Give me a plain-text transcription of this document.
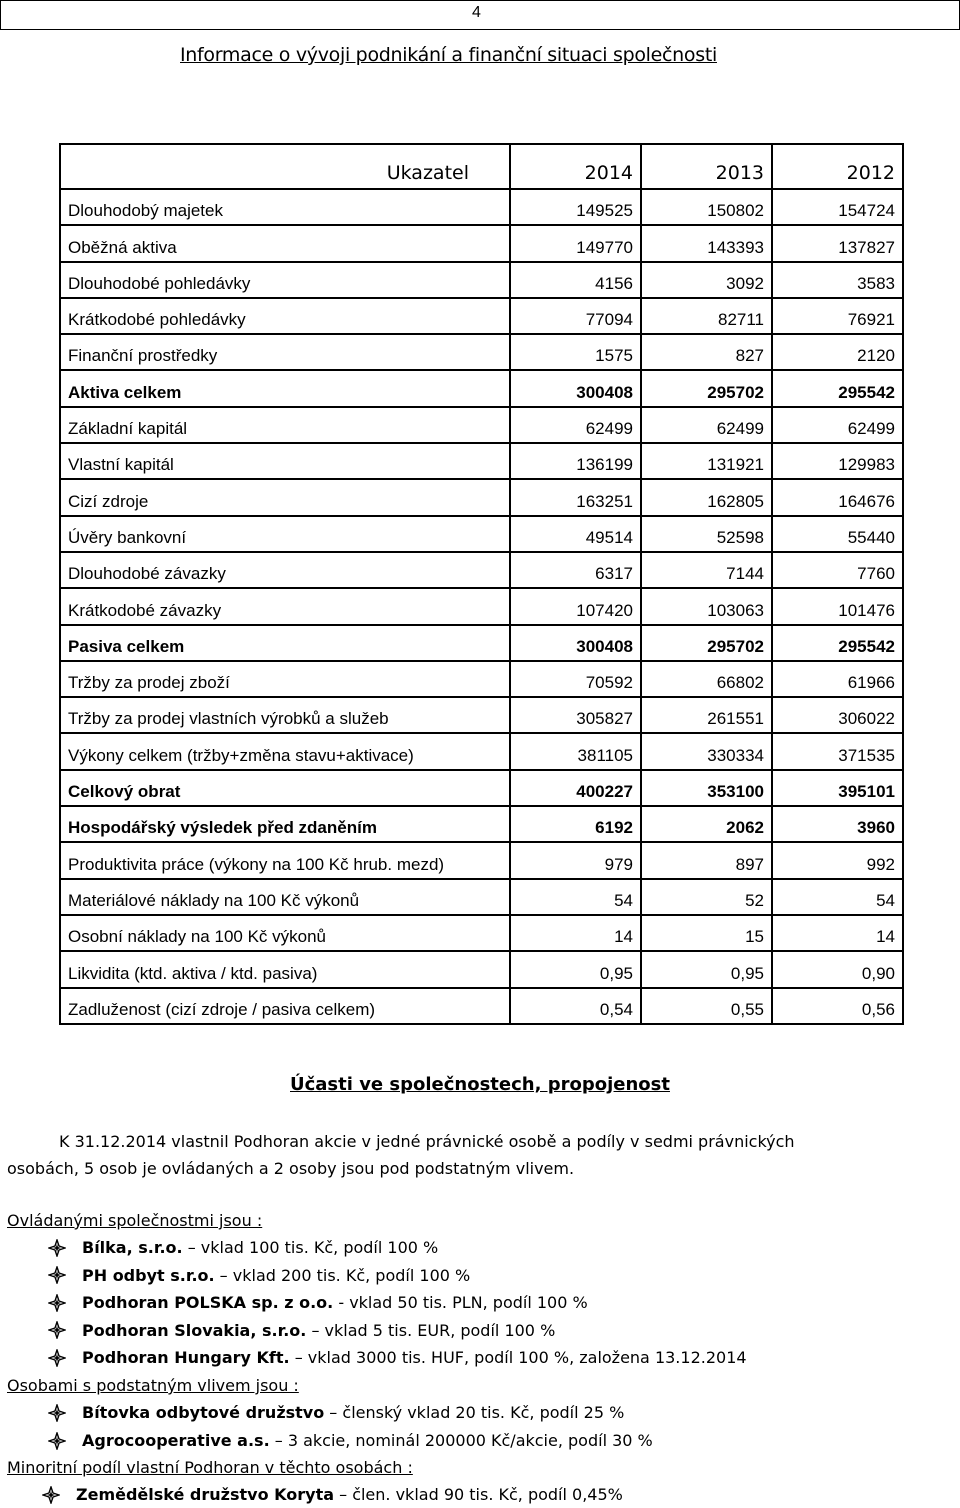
4
Informace o vývoji podnikání a finanční situaci společnosti
Ukazatel	2014	2013	2012
Dlouhodobý majetek	149525	150802	154724
Oběžná aktiva	149770	143393	137827
Dlouhodobé pohledávky	4156	3092	3583
Krátkodobé pohledávky	77094	82711	76921
Finanční prostředky	1575	827	2120
Aktiva celkem	300408	295702	295542
Základní kapitál	62499	62499	62499
Vlastní kapitál	136199	131921	129983
Cizí zdroje	163251	162805	164676
Úvěry bankovní	49514	52598	55440
Dlouhodobé závazky	6317	7144	7760
Krátkodobé závazky	107420	103063	101476
Pasiva celkem	300408	295702	295542
Tržby za prodej zboží	70592	66802	61966
Tržby za prodej vlastních výrobků a služeb	305827	261551	306022
Výkony celkem (tržby+změna stavu+aktivace)	381105	330334	371535
Celkový obrat	400227	353100	395101
Hospodářský výsledek před zdaněním	6192	2062	3960
Produktivita práce (výkony na 100 Kč hrub. mezd)	979	897	992
Materiálové náklady na 100 Kč výkonů	54	52	54
Osobní náklady na 100 Kč výkonů	14	15	14
Likvidita (ktd. aktiva / ktd. pasiva)	0,95	0,95	0,90
Zadluženost (cizí zdroje / pasiva celkem)	0,54	0,55	0,56
Účasti ve společnostech, propojenost
K 31.12.2014 vlastnil Podhoran akcie v jedné právnické osobě a podíly v sedmi právnických
osobách, 5 osob je ovládaných a 2 osoby jsou pod podstatným vlivem.
Ovládanými společnostmi jsou :
Bílka, s.r.o. – vklad 100 tis. Kč, podíl 100 %
PH odbyt s.r.o. – vklad 200 tis. Kč, podíl 100 %
Podhoran POLSKA sp. z o.o. - vklad 50 tis. PLN, podíl 100 %
Podhoran Slovakia, s.r.o. – vklad 5 tis. EUR, podíl 100 %
Podhoran Hungary Kft. – vklad 3000 tis. HUF, podíl 100 %, založena 13.12.2014
Osobami s podstatným vlivem jsou :
Bítovka odbytové družstvo – členský vklad 20 tis. Kč, podíl 25 %
Agrocooperative a.s. – 3 akcie, nominál 200000 Kč/akcie, podíl 30 %
Minoritní podíl vlastní Podhoran v těchto osobách :
Zemědělské družstvo Koryta – člen. vklad 90 tis. Kč, podíl 0,45%
